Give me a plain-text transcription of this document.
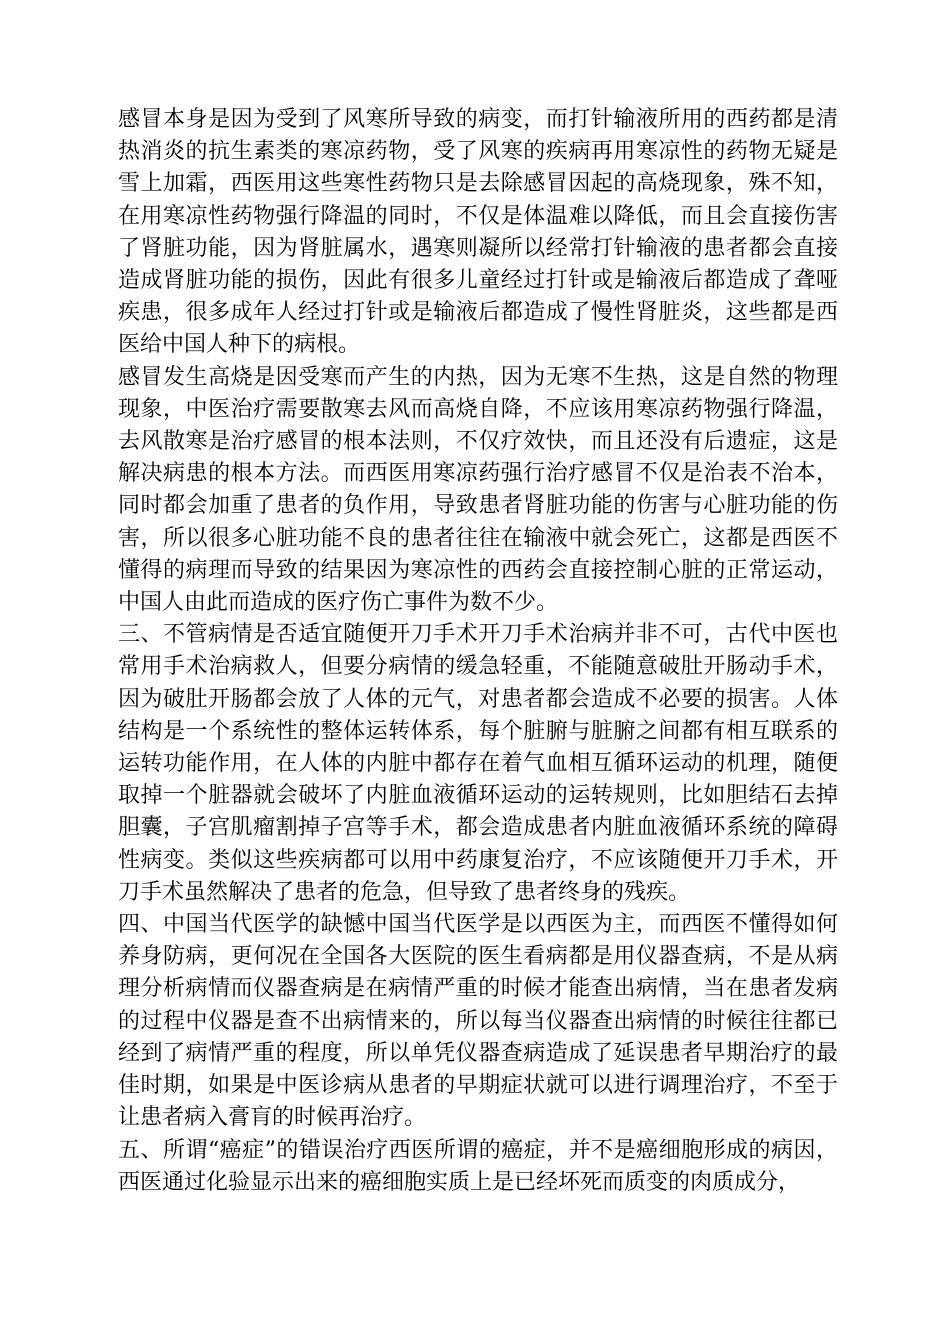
感冒本身是因为受到了风寒所导致的病变，而打针输液所用的西药都是清热消炎的抗生素类的寒凉药物，受了风寒的疾病再用寒凉性的药物无疑是雪上加霜，西医用这些寒性药物只是去除感冒因起的高烧现象，殊不知，在用寒凉性药物强行降温的同时，不仅是体温难以降低，而且会直接伤害了肾脏功能，因为肾脏属水，遇寒则凝所以经常打针输液的患者都会直接造成肾脏功能的损伤，因此有很多儿童经过打针或是输液后都造成了聋哑疾患，很多成年人经过打针或是输液后都造成了慢性肾脏炎，这些都是西医给中国人种下的病根。

感冒发生高烧是因受寒而产生的内热，因为无寒不生热，这是自然的物理现象，中医治疗需要散寒去风而高烧自降，不应该用寒凉药物强行降温，去风散寒是治疗感冒的根本法则，不仅疗效快，而且还没有后遗症，这是解决病患的根本方法。而西医用寒凉药强行治疗感冒不仅是治表不治本，同时都会加重了患者的负作用，导致患者肾脏功能的伤害与心脏功能的伤害，所以很多心脏功能不良的患者往往在输液中就会死亡，这都是西医不懂得的病理而导致的结果因为寒凉性的西药会直接控制心脏的正常运动，中国人由此而造成的医疗伤亡事件为数不少。

三、不管病情是否适宜随便开刀手术开刀手术治病并非不可，古代中医也常用手术治病救人，但要分病情的缓急轻重，不能随意破肚开肠动手术，因为破肚开肠都会放了人体的元气，对患者都会造成不必要的损害。人体结构是一个系统性的整体运转体系，每个脏腑与脏腑之间都有相互联系的运转功能作用，在人体的内脏中都存在着气血相互循环运动的机理，随便取掉一个脏器就会破坏了内脏血液循环运动的运转规则，比如胆结石去掉胆囊，子宫肌瘤割掉子宫等手术，都会造成患者内脏血液循环系统的障碍性病变。类似这些疾病都可以用中药康复治疗，不应该随便开刀手术，开刀手术虽然解决了患者的危急，但导致了患者终身的残疾。

四、中国当代医学的缺憾中国当代医学是以西医为主，而西医不懂得如何养身防病，更何况在全国各大医院的医生看病都是用仪器查病，不是从病理分析病情而仪器查病是在病情严重的时候才能查出病情，当在患者发病的过程中仪器是查不出病情来的，所以每当仪器查出病情的时候往往都已经到了病情严重的程度，所以单凭仪器查病造成了延误患者早期治疗的最佳时期，如果是中医诊病从患者的早期症状就可以进行调理治疗，不至于让患者病入膏肓的时候再治疗。

五、所谓“癌症”的错误治疗西医所谓的癌症，并不是癌细胞形成的病因，西医通过化验显示出来的癌细胞实质上是已经坏死而质变的肉质成分，
